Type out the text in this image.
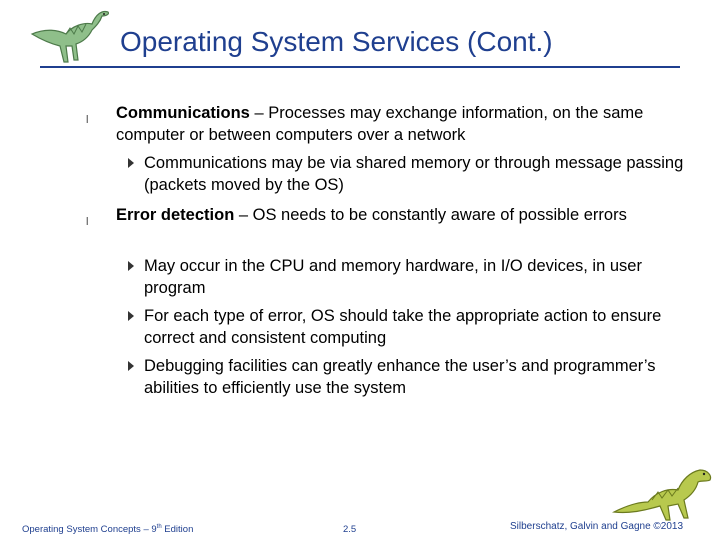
Operating System Services (Cont.)
l Communications – Processes may exchange information, on the same computer or between computers over a network
Communications may be via shared memory or through message passing (packets moved by the OS)
l Error detection – OS needs to be constantly aware of possible errors
May occur in the CPU and memory hardware, in I/O devices, in user program
For each type of error, OS should take the appropriate action to ensure correct and consistent computing
Debugging facilities can greatly enhance the user’s and programmer’s abilities to efficiently use the system
Operating System Concepts – 9th Edition	2.5	Silberschatz, Galvin and Gagne ©2013
